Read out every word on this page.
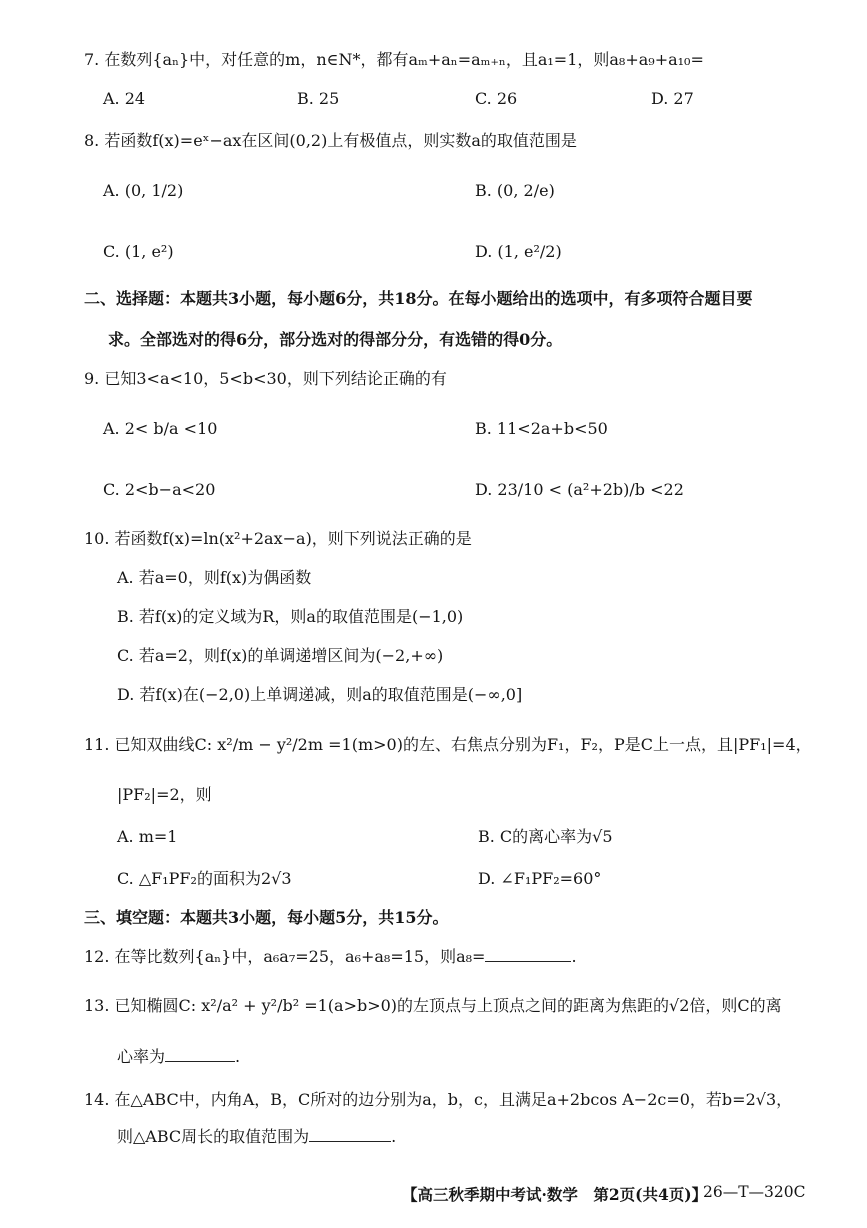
7. 在数列{aₙ}中，对任意的m，n∈N*，都有aₘ+aₙ=aₘ₊ₙ，且a₁=1，则a₈+a₉+a₁₀=
A. 24	B. 25	C. 26	D. 27
8. 若函数f(x)=eˣ−ax在区间(0,2)上有极值点，则实数a的取值范围是
A. (0, 1/2)	B. (0, 2/e)
C. (1, e²)	D. (1, e²/2)
二、选择题：本题共3小题，每小题6分，共18分。在每小题给出的选项中，有多项符合题目要
求。全部选对的得6分，部分选对的得部分分，有选错的得0分。
9. 已知3<a<10，5<b<30，则下列结论正确的有
A. 2< b/a <10	B. 11<2a+b<50
C. 2<b−a<20	D. 23/10 < (a²+2b)/b <22
10. 若函数f(x)=ln(x²+2ax−a)，则下列说法正确的是
A. 若a=0，则f(x)为偶函数
B. 若f(x)的定义域为R，则a的取值范围是(−1,0)
C. 若a=2，则f(x)的单调递增区间为(−2,+∞)
D. 若f(x)在(−2,0)上单调递减，则a的取值范围是(−∞,0]
11. 已知双曲线C: x²/m − y²/2m =1(m>0)的左、右焦点分别为F₁，F₂，P是C上一点，且|PF₁|=4，
|PF₂|=2，则
A. m=1	B. C的离心率为√5
C. △F₁PF₂的面积为2√3	D. ∠F₁PF₂=60°
三、填空题：本题共3小题，每小题5分，共15分。
12. 在等比数列{aₙ}中，a₆a₇=25，a₆+a₈=15，则a₈=	.
13. 已知椭圆C: x²/a² + y²/b² =1(a>b>0)的左顶点与上顶点之间的距离为焦距的√2倍，则C的离
心率为	.
14. 在△ABC中，内角A，B，C所对的边分别为a，b，c，且满足a+2bcos A−2c=0，若b=2√3，
则△ABC周长的取值范围为	.
【高三秋季期中考试·数学　第2页(共4页)】
26—T—320C
